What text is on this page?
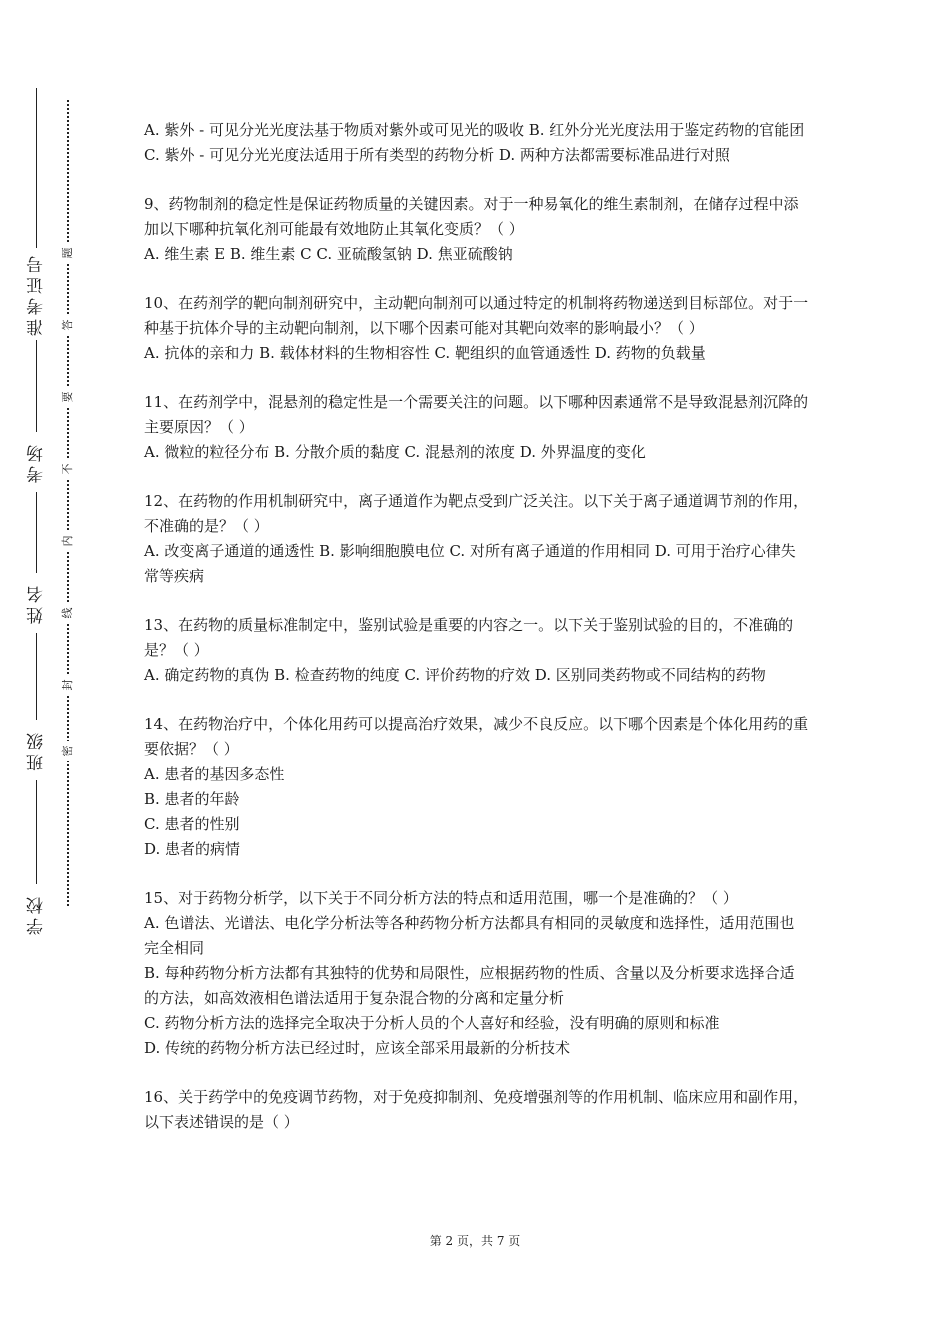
准考证号
考场
姓名
班级
学校
题
答
要
不
内
线
封
密

A. 紫外 - 可见分光光度法基于物质对紫外或可见光的吸收 B. 红外分光光度法用于鉴定药物的官能团 C. 紫外 - 可见分光光度法适用于所有类型的药物分析 D. 两种方法都需要标准品进行对照

9、药物制剂的稳定性是保证药物质量的关键因素。对于一种易氧化的维生素制剂，在储存过程中添加以下哪种抗氧化剂可能最有效地防止其氧化变质？（ ）

A. 维生素 E B. 维生素 C C. 亚硫酸氢钠 D. 焦亚硫酸钠

10、在药剂学的靶向制剂研究中，主动靶向制剂可以通过特定的机制将药物递送到目标部位。对于一种基于抗体介导的主动靶向制剂，以下哪个因素可能对其靶向效率的影响最小？（ ）

A. 抗体的亲和力 B. 载体材料的生物相容性 C. 靶组织的血管通透性 D. 药物的负载量

11、在药剂学中，混悬剂的稳定性是一个需要关注的问题。以下哪种因素通常不是导致混悬剂沉降的主要原因？（ ）

A. 微粒的粒径分布 B. 分散介质的黏度 C. 混悬剂的浓度 D. 外界温度的变化

12、在药物的作用机制研究中，离子通道作为靶点受到广泛关注。以下关于离子通道调节剂的作用，不准确的是？（ ）

A. 改变离子通道的通透性 B. 影响细胞膜电位 C. 对所有离子通道的作用相同 D. 可用于治疗心律失常等疾病

13、在药物的质量标准制定中，鉴别试验是重要的内容之一。以下关于鉴别试验的目的，不准确的是？（ ）

A. 确定药物的真伪 B. 检查药物的纯度 C. 评价药物的疗效 D. 区别同类药物或不同结构的药物

14、在药物治疗中，个体化用药可以提高治疗效果，减少不良反应。以下哪个因素是个体化用药的重要依据？（ ）

A. 患者的基因多态性

B. 患者的年龄

C. 患者的性别

D. 患者的病情

15、对于药物分析学，以下关于不同分析方法的特点和适用范围，哪一个是准确的？（ ）

A. 色谱法、光谱法、电化学分析法等各种药物分析方法都具有相同的灵敏度和选择性，适用范围也完全相同

B. 每种药物分析方法都有其独特的优势和局限性，应根据药物的性质、含量以及分析要求选择合适的方法，如高效液相色谱法适用于复杂混合物的分离和定量分析

C. 药物分析方法的选择完全取决于分析人员的个人喜好和经验，没有明确的原则和标准

D. 传统的药物分析方法已经过时，应该全部采用最新的分析技术

16、关于药学中的免疫调节药物，对于免疫抑制剂、免疫增强剂等的作用机制、临床应用和副作用，以下表述错误的是（ ）

第 2 页，共 7 页
